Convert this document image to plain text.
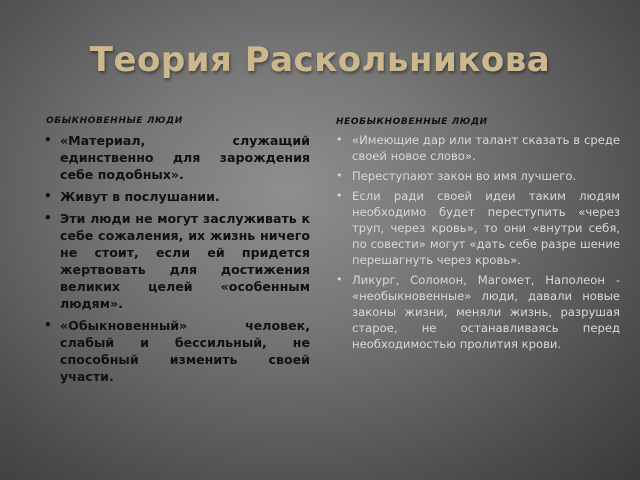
Теория Раскольникова
ОБЫКНОВЕННЫЕ ЛЮДИ	НЕОБЫКНОВЕННЫЕ ЛЮДИ
• «Материал, служащий единственно для зарождения себе подобных».
• Живут в послушании.
• Эти люди не могут заслуживать к себе сожаления, их жизнь ничего не стоит, если ей придется жертвовать для достижения великих целей «особенным людям».
• «Обыкновенный» человек, слабый и бессильный, не способный изменить своей участи.
• «Имеющие дар или талант сказать в среде своей новое слово».
• Переступают закон во имя лучшего.
• Если ради своей идеи таким людям необходимо будет переступить «через труп, через кровь», то они «внутри себя, по совести» могут «дать себе разре шение перешагнуть через кровь».
• Ликург, Соломон, Магомет, Наполеон - «необыкновенные» люди, давали новые законы жизни, меняли жизнь, разрушая старое, не останавливаясь перед необходимостью пролития крови.
